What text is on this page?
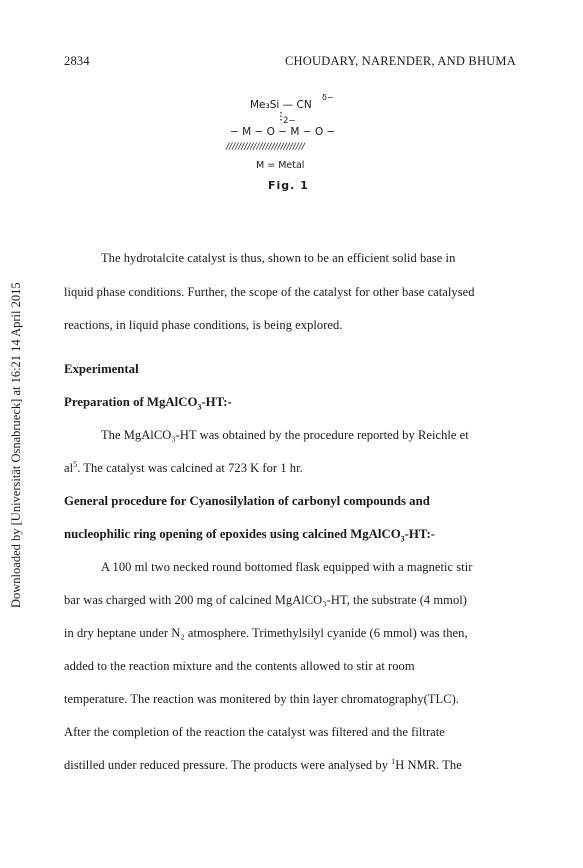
2834	CHOUDARY, NARENDER, AND BHUMA
Downloaded by [Universität Osnabrueck] at 16:21 14 April 2015
Me₃Si — CN
δ−
2−
− M − O − M − O −
//////////////////////////
M = Metal
Fig. 1
The hydrotalcite catalyst is thus, shown to be an efficient solid base in
liquid phase conditions. Further, the scope of the catalyst for other base catalysed
reactions, in liquid phase conditions, is being explored.
Experimental
Preparation of MgAlCO$_3$-HT:-
The MgAlCO₃-HT was obtained by the procedure reported by Reichle et
$al^5$. The catalyst was calcined at 723 K for 1 hr.
General procedure for Cyanosilylation of carbonyl compounds and
nucleophilic ring opening of epoxides using calcined MgAlCO$_3$-HT:-
A 100 ml two necked round bottomed flask equipped with a magnetic stir
bar was charged with 200 mg of calcined MgAlCO₃-HT, the substrate (4 mmol)
in dry heptane under N₂ atmosphere. Trimethylsilyl cyanide (6 mmol) was then,
added to the reaction mixture and the contents allowed to stir at room
temperature. The reaction was monitered by thin layer chromatography(TLC).
After the completion of the reaction the catalyst was filtered and the filtrate
distilled under reduced pressure. The products were analysed by $^1$H NMR. The
